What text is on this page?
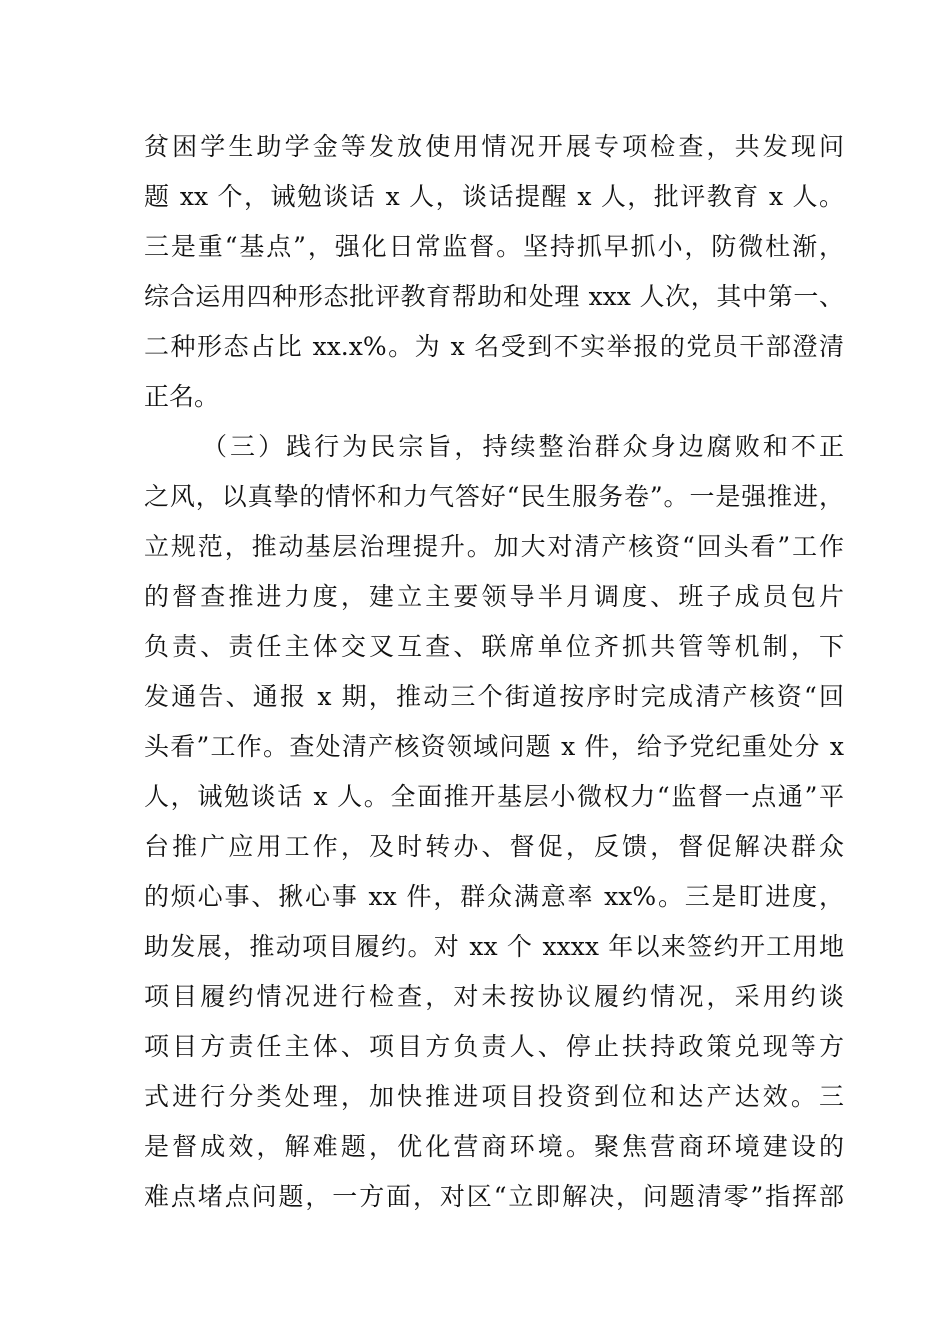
贫困学生助学金等发放使用情况开展专项检查，共发现问
题 xx 个，诫勉谈话 x 人，谈话提醒 x 人，批评教育 x 人。
三是重“基点”，强化日常监督。坚持抓早抓小，防微杜渐，
综合运用四种形态批评教育帮助和处理 xxx 人次，其中第一、
二种形态占比 xx.x%。为 x 名受到不实举报的党员干部澄清
正名。
（三）践行为民宗旨，持续整治群众身边腐败和不正
之风，以真挚的情怀和力气答好“民生服务卷”。一是强推进，
立规范，推动基层治理提升。加大对清产核资“回头看”工作
的督查推进力度，建立主要领导半月调度、班子成员包片
负责、责任主体交叉互查、联席单位齐抓共管等机制，下
发通告、通报 x 期，推动三个街道按序时完成清产核资“回
头看”工作。查处清产核资领域问题 x 件，给予党纪重处分 x
人，诫勉谈话 x 人。全面推开基层小微权力“监督一点通”平
台推广应用工作，及时转办、督促，反馈，督促解决群众
的烦心事、揪心事 xx 件，群众满意率 xx%。三是盯进度，
助发展，推动项目履约。对 xx 个 xxxx 年以来签约开工用地
项目履约情况进行检查，对未按协议履约情况，采用约谈
项目方责任主体、项目方负责人、停止扶持政策兑现等方
式进行分类处理，加快推进项目投资到位和达产达效。三
是督成效，解难题，优化营商环境。聚焦营商环境建设的
难点堵点问题，一方面，对区“立即解决，问题清零”指挥部
